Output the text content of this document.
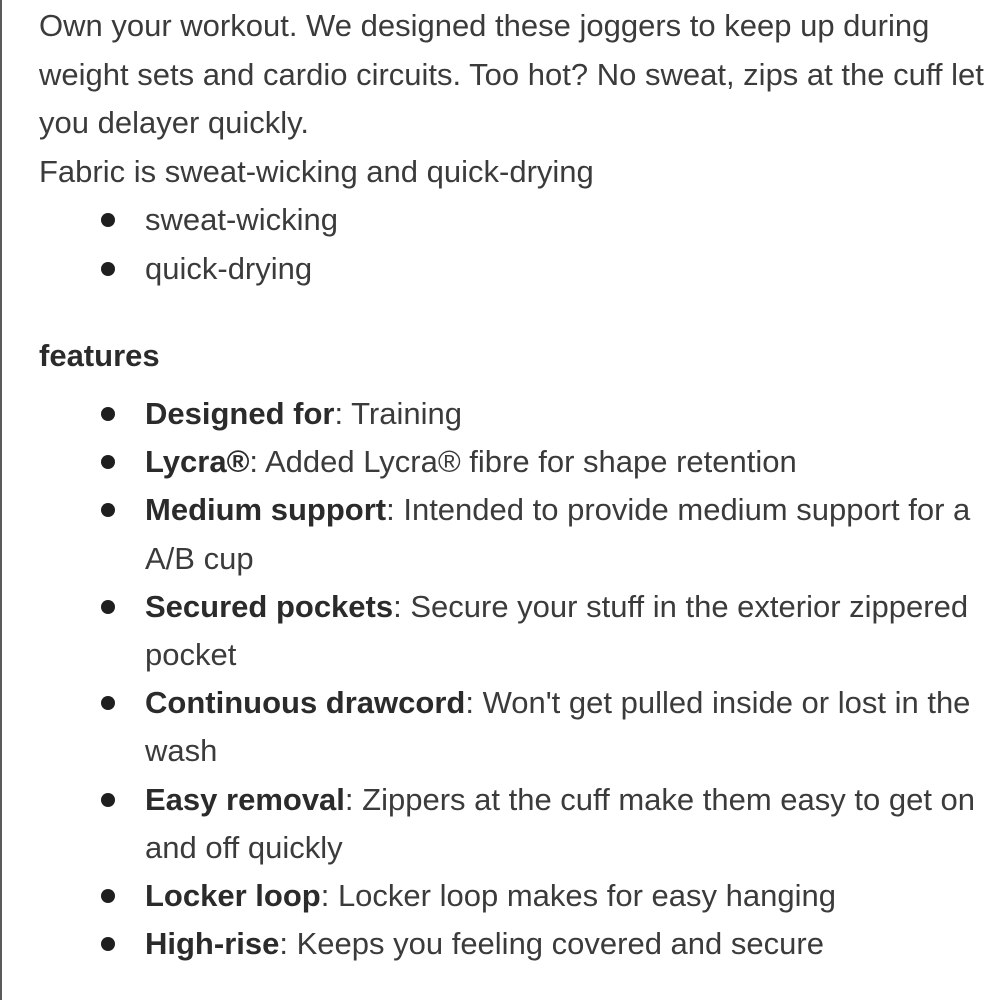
Own your workout. We designed these joggers to keep up during weight sets and cardio circuits. Too hot? No sweat, zips at the cuff let you delayer quickly.

Fabric is sweat-wicking and quick-drying

sweat-wicking
quick-drying
features
Designed for: Training
Lycra®: Added Lycra® fibre for shape retention
Medium support: Intended to provide medium support for a A/B cup
Secured pockets: Secure your stuff in the exterior zippered pocket
Continuous drawcord: Won't get pulled inside or lost in the wash
Easy removal: Zippers at the cuff make them easy to get on and off quickly
Locker loop: Locker loop makes for easy hanging
High-rise: Keeps you feeling covered and secure
